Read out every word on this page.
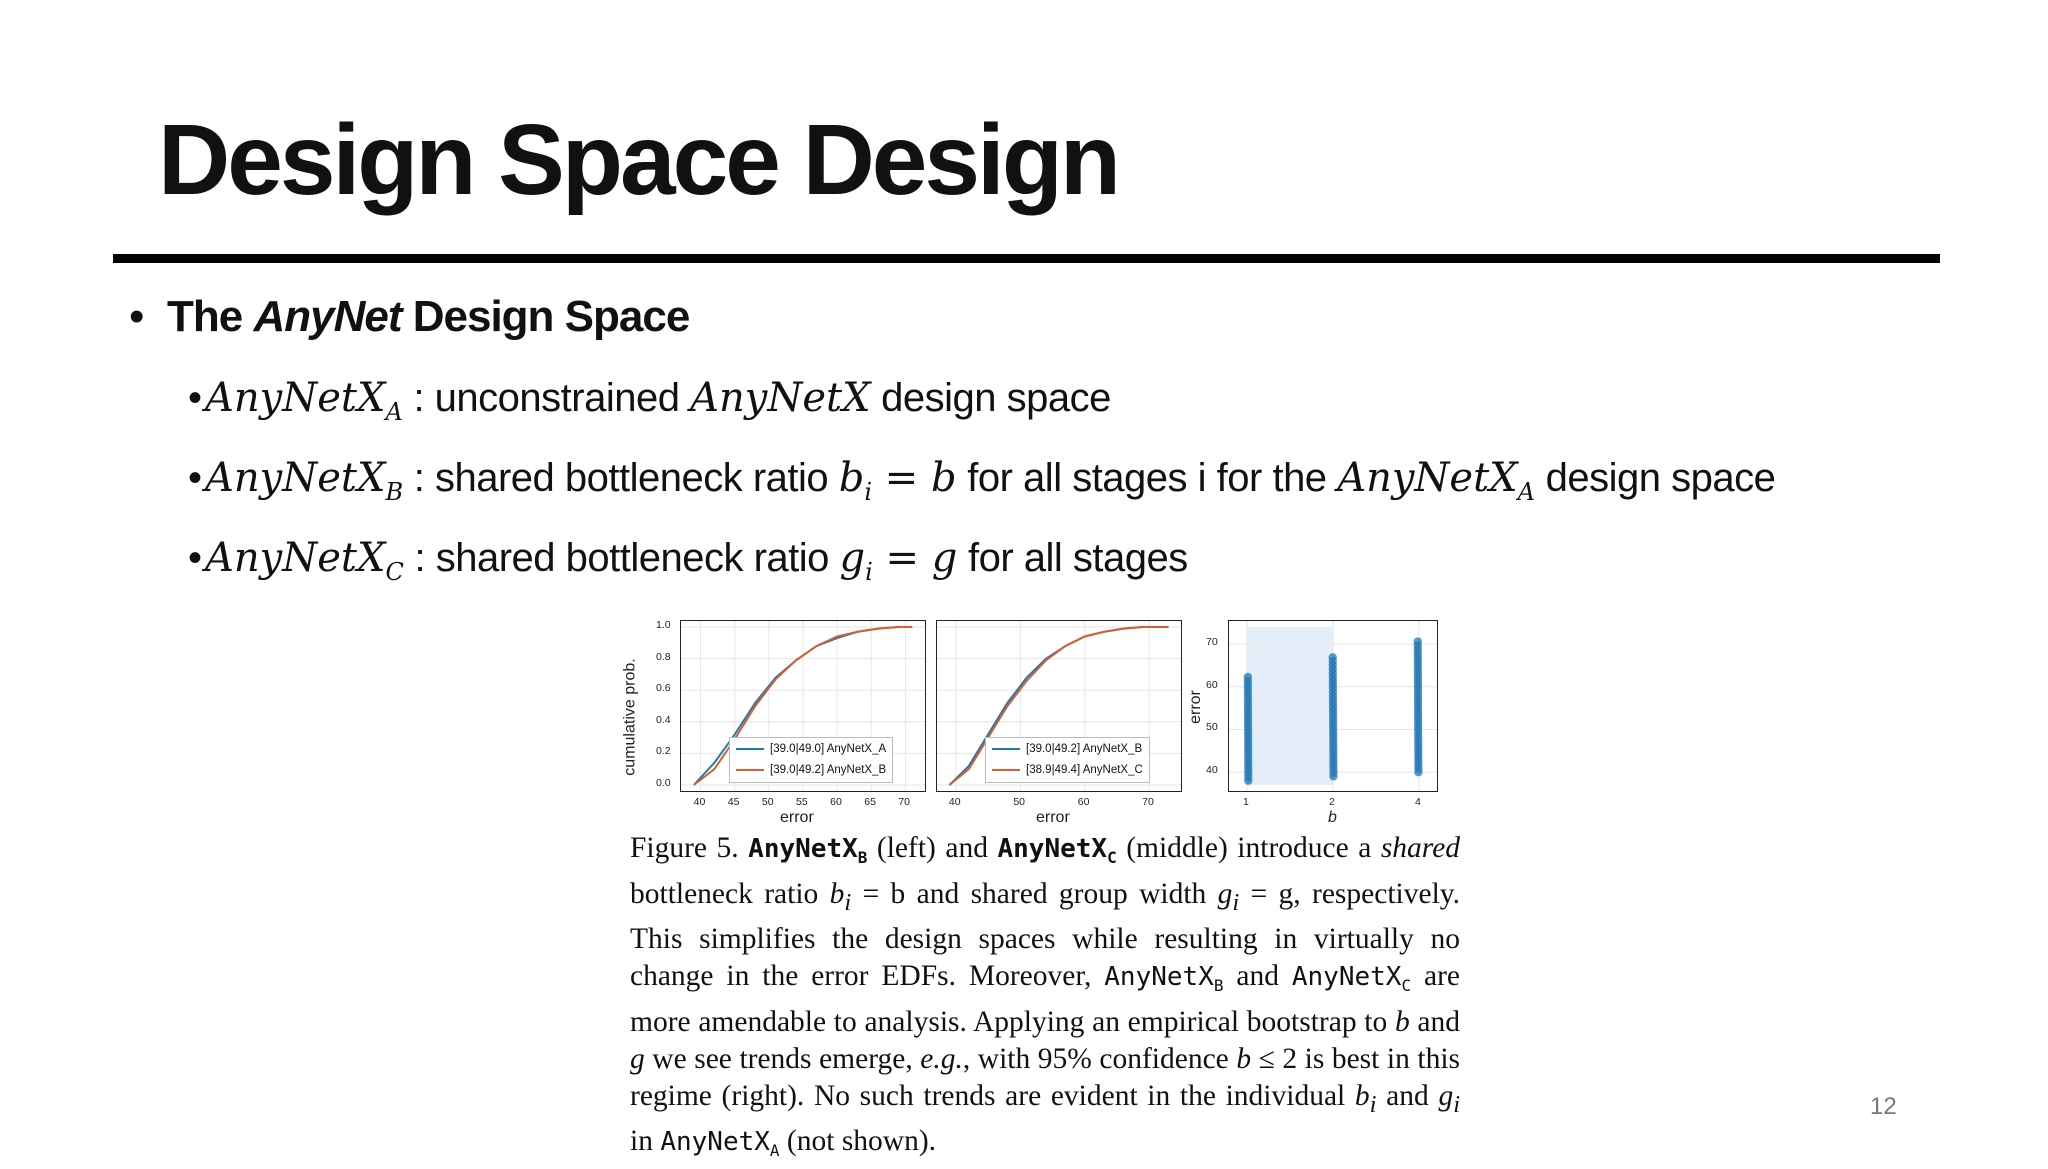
Design Space Design
• The AnyNet Design Space
• AnyNetX$_A$ : unconstrained AnyNetX design space
• AnyNetX$_B$ : shared bottleneck ratio $b_i = b$ for all stages i for the AnyNetX$_A$ design space
• AnyNetX$_C$ : shared bottleneck ratio $g_i = g$ for all stages
cumulative prob.	[39.0|49.0] AnyNetX_A
[39.0|49.2] AnyNetX_B
error
[39.0|49.2] AnyNetX_B
[38.9|49.4] AnyNetX_C
error
error
b
Figure 5. AnyNetX$_B$ (left) and AnyNetX$_C$ (middle) introduce a shared bottleneck ratio $b_i = b$ and shared group width $g_i = g$, respectively. This simplifies the design spaces while resulting in virtually no change in the error EDFs. Moreover, AnyNetX$_B$ and AnyNetX$_C$ are more amendable to analysis. Applying an empirical bootstrap to b and g we see trends emerge, e.g., with 95% confidence b ≤ 2 is best in this regime (right). No such trends are evident in the individual $b_i$ and $g_i$ in AnyNetX$_A$ (not shown).
40 45 50 55 60 65 70
0.0
0.2
0.4
0.6
0.8
1.0
40	50	60	70	1	2	4
40
50
60
70
12
